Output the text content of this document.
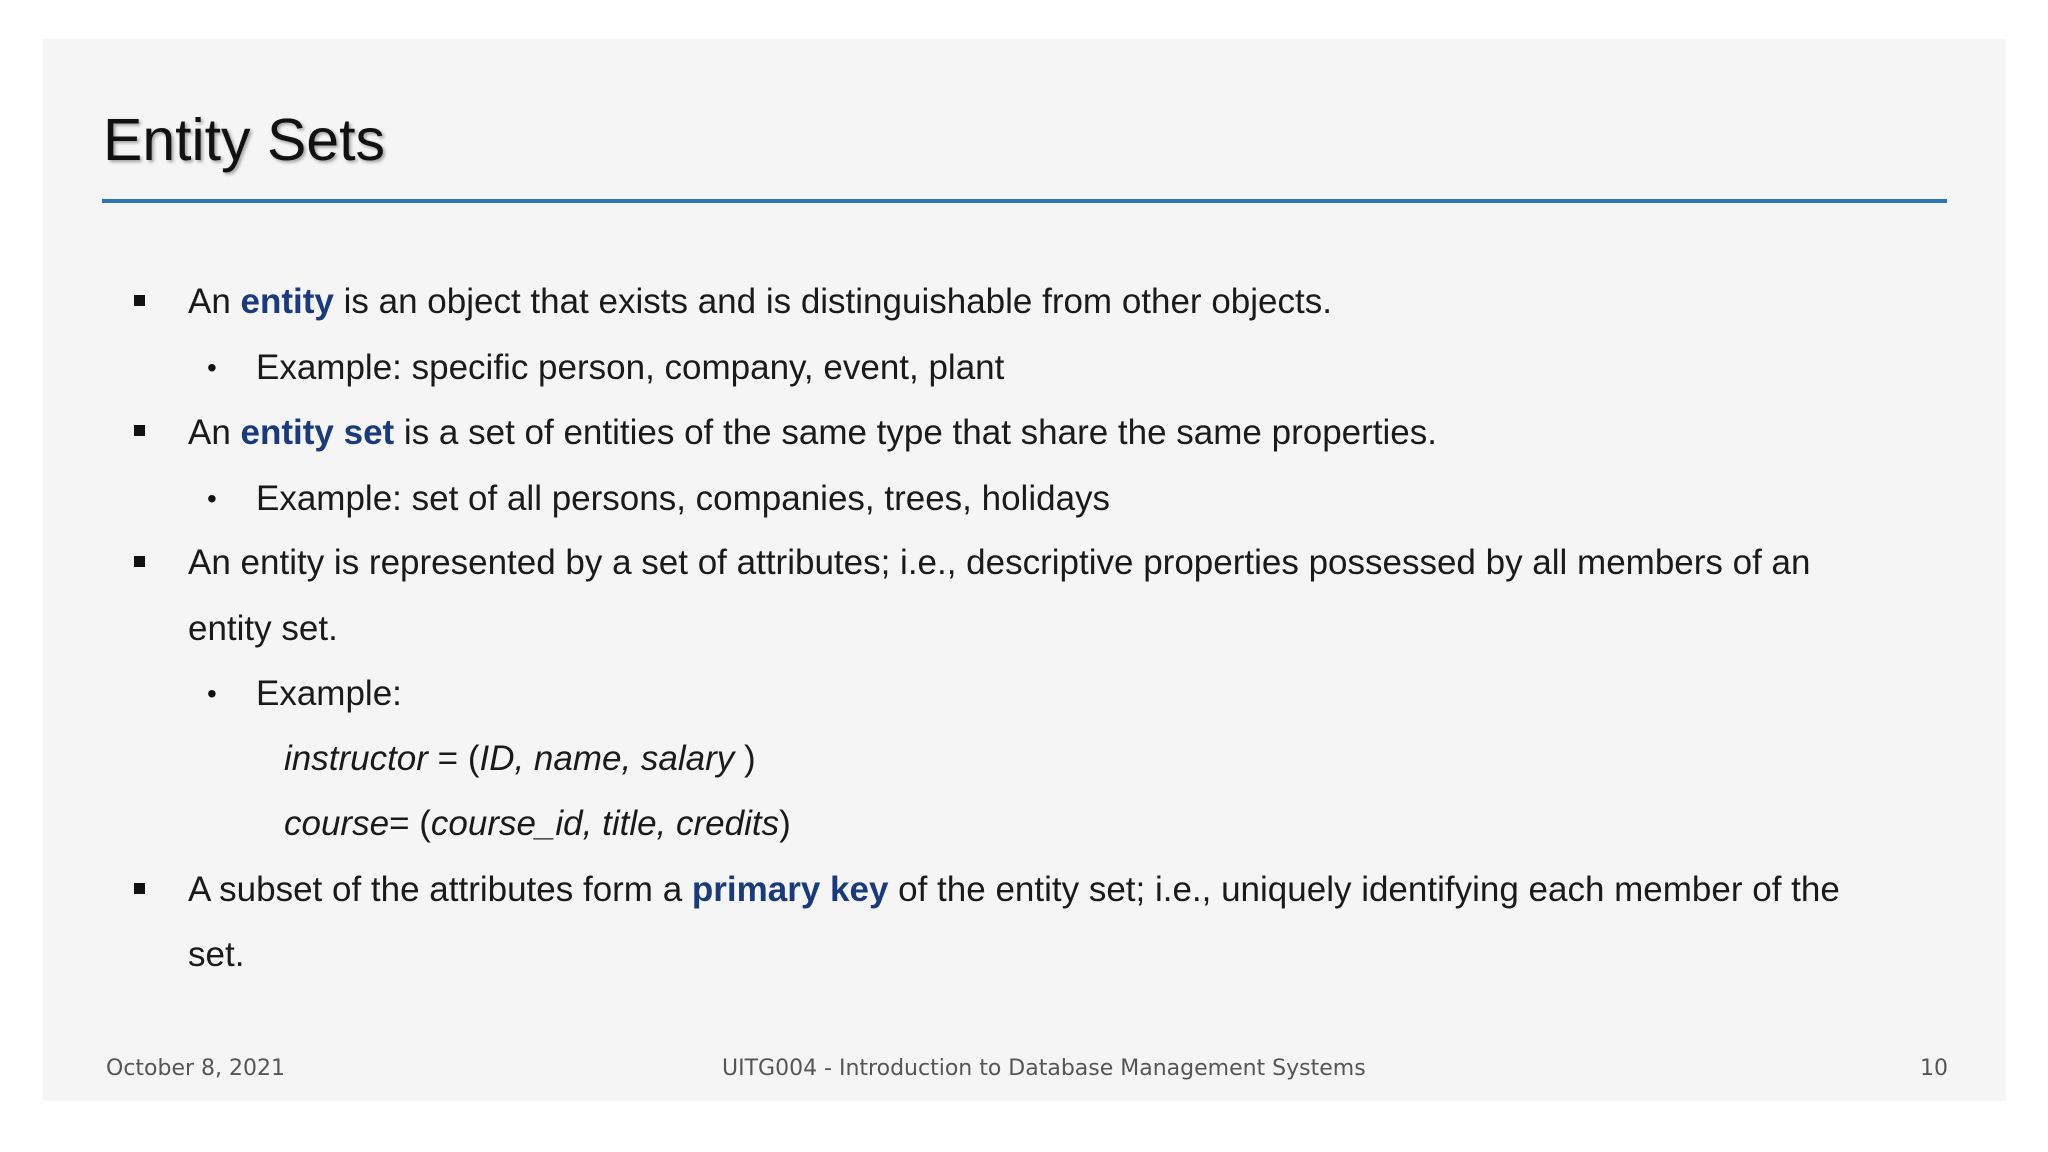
Entity Sets
An entity is an object that exists and is distinguishable from other objects.
• Example: specific person, company, event, plant
An entity set is a set of entities of the same type that share the same properties.
• Example: set of all persons, companies, trees, holidays
An entity is represented by a set of attributes; i.e., descriptive properties possessed by all members of an
entity set.
• Example:
instructor = (ID, name, salary )
course= (course_id, title, credits)
A subset of the attributes form a primary key of the entity set; i.e., uniquely identifying each member of the
set.
October 8, 2021	UITG004 - Introduction to Database Management Systems	10
